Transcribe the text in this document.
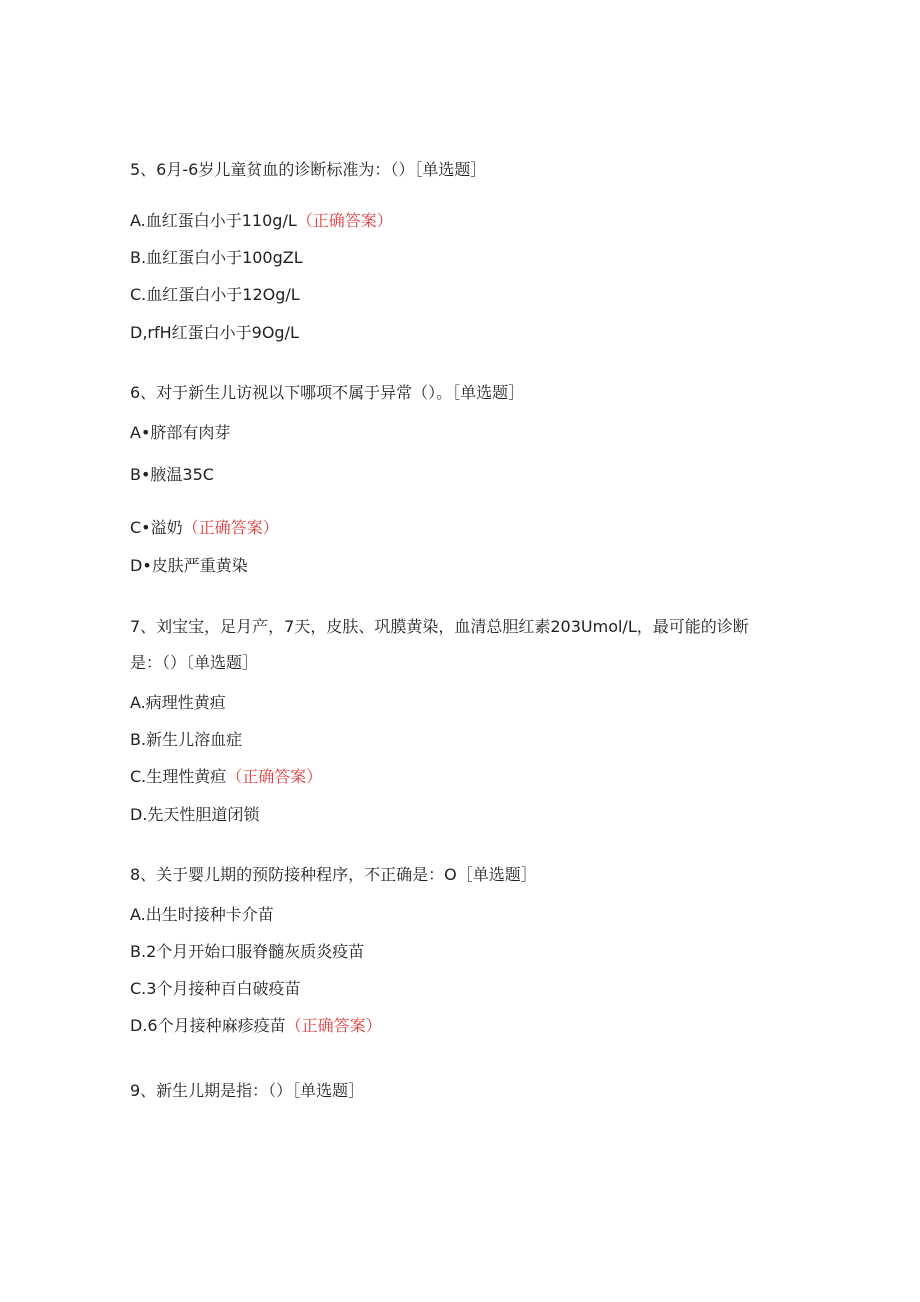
5、6月-6岁儿童贫血的诊断标准为：（）［单选题］
A.血红蛋白小于110g/L（正确答案）
B.血红蛋白小于100gZL
C.血红蛋白小于12Og/L
D,rfH红蛋白小于9Og/L
6、对于新生儿访视以下哪项不属于异常（）。［单选题］
A•脐部有肉芽
B•腋温35C
C•溢奶（正确答案）
D•皮肤严重黄染
7、刘宝宝，足月产，7天，皮肤、巩膜黄染，血清总胆红素203Umol/L，最可能的诊断
是：（）〔单选题］
A.病理性黄疸
B.新生儿溶血症
C.生理性黄疸（正确答案）
D.先天性胆道闭锁
8、关于婴儿期的预防接种程序，不正确是：O［单选题］
A.出生时接种卡介苗
B.2个月开始口服脊髓灰质炎疫苗
C.3个月接种百白破疫苗
D.6个月接种麻疹疫苗（正确答案）
9、新生儿期是指：（）［单选题］
